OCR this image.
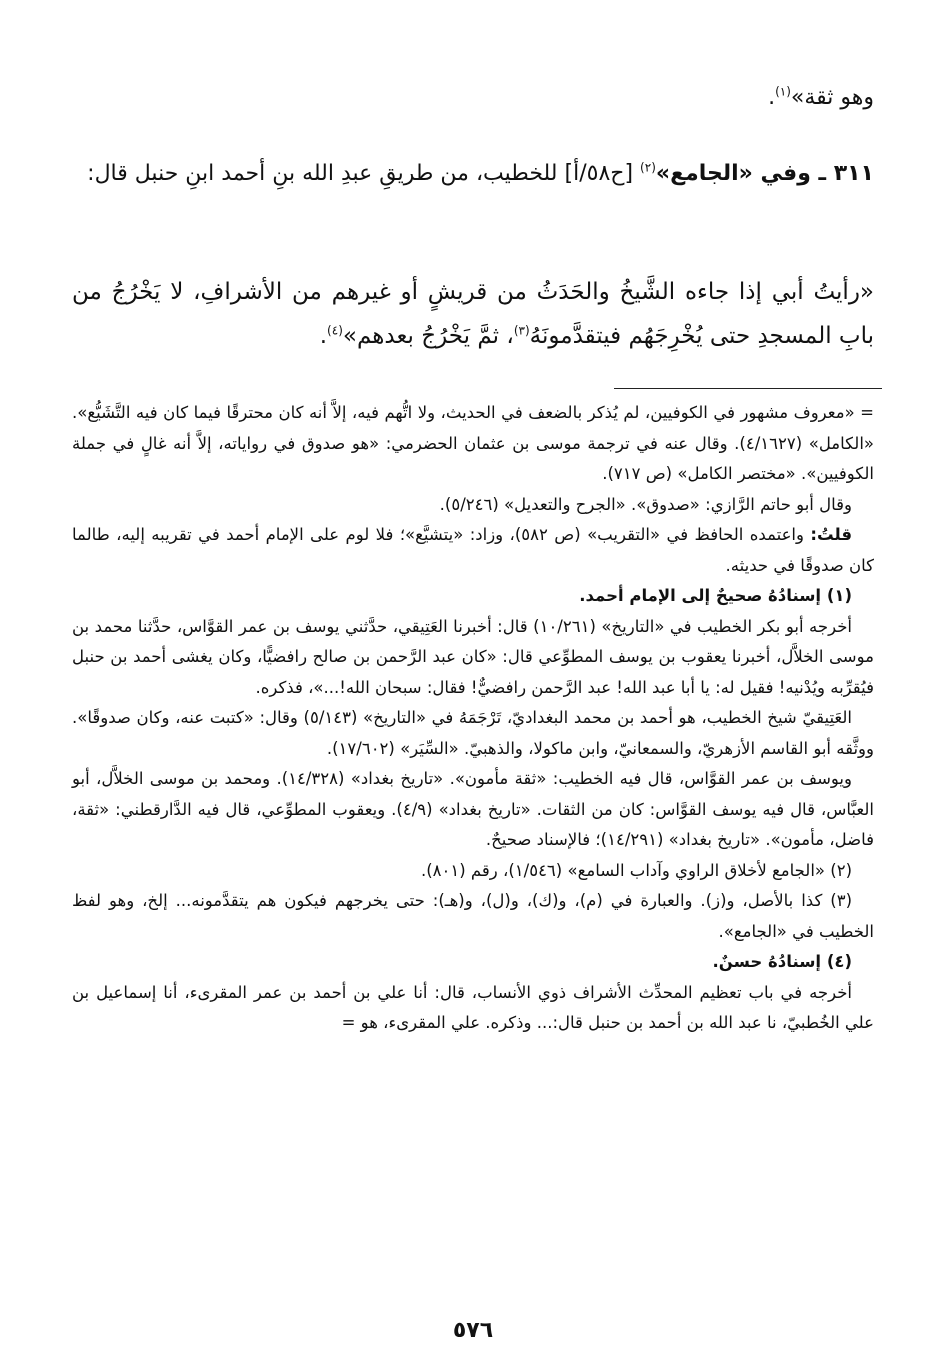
وهو ثقة»$^{(١)}$.
٣١١ ـ وفي «الجامع»$^{(٢)}$ [ح٥٨/أ] للخطيب، من طريقِ عبدِ الله بنِ أحمد ابنِ حنبل قال:
«رأيتُ أبي إذا جاءه الشَّيخُ والحَدَثُ من قريشٍ أو غيرهم من الأشرافِ، لا يَخْرُجُ من بابِ المسجدِ حتى يُخْرِجَهُم فيتقدَّمونَهُ$^{(٣)}$، ثمَّ يَخْرُجُ بعدهم»$^{(٤)}$.
= «معروف مشهور في الكوفيين، لم يُذكر بالضعف في الحديث، ولا اتُّهم فيه، إلاَّ أنه كان محترقًا فيما كان فيه التَّشَيُّع». «الكامل» (٤/١٦٢٧). وقال عنه في ترجمة موسى بن عثمان الحضرمي: «هو صدوق في رواياته، إلاَّ أنه غالٍ في جملة الكوفيين». «مختصر الكامل» (ص ٧١٧).
وقال أبو حاتم الرَّازي: «صدوق». «الجرح والتعديل» (٥/٢٤٦).
قلتُ: واعتمده الحافظ في «التقريب» (ص ٥٨٢)، وزاد: «يتشيَّع»؛ فلا لوم على الإمام أحمد في تقريبه إليه، طالما كان صدوقًا في حديثه.
(١) إسنادُهُ صحيحٌ إلى الإمام أحمد.
أخرجه أبو بكر الخطيب في «التاريخ» (١٠/٢٦١) قال: أخبرنا العَتِيقي، حدَّثني يوسف بن عمر القوَّاس، حدَّثنا محمد بن موسى الخلاَّل، أخبرنا يعقوب بن يوسف المطوِّعي قال: «كان عبد الرَّحمن بن صالح رافضيًّا، وكان يغشى أحمد بن حنبل فيُقرِّبه ويُدْنيه! فقيل له: يا أبا عبد الله! عبد الرَّحمن رافضيٌّ! فقال: سبحان الله!...»، فذكره.
العَتِيقيّ شيخ الخطيب، هو أحمد بن محمد البغداديّ، تَرْجَمَهُ في «التاريخ» (٥/١٤٣) وقال: «كتبت عنه، وكان صدوقًا». ووثَّقه أبو القاسم الأزهريّ، والسمعانيّ، وابن ماكولا، والذهبيّ. «السِّيَر» (١٧/٦٠٢).
ويوسف بن عمر القوَّاس، قال فيه الخطيب: «ثقة مأمون». «تاريخ بغداد» (١٤/٣٢٨). ومحمد بن موسى الخلاَّل، أبو العبَّاس، قال فيه يوسف القوَّاس: كان من الثقات. «تاريخ بغداد» (٤/٩). ويعقوب المطوِّعي، قال فيه الدَّارقطني: «ثقة، فاضل، مأمون». «تاريخ بغداد» (١٤/٢٩١)؛ فالإسناد صحيحٌ.
(٢) «الجامع لأخلاق الراوي وآداب السامع» (١/٥٤٦)، رقم (٨٠١).
(٣) كذا بالأصل، و(ز). والعبارة في (م)، و(ك)، و(ل)، و(هـ): حتى يخرجهم فيكون هم يتقدَّمونه... إلخ، وهو لفظ الخطيب في «الجامع».
(٤) إسنادُهُ حسنٌ.
أخرجه في باب تعظيم المحدِّث الأشراف ذوي الأنساب، قال: أنا علي بن أحمد بن عمر المقرىء، أنا إسماعيل بن علي الخُطبيّ، نا عبد الله بن أحمد بن حنبل قال:... وذكره. علي المقرىء، هو =
٥٧٦
